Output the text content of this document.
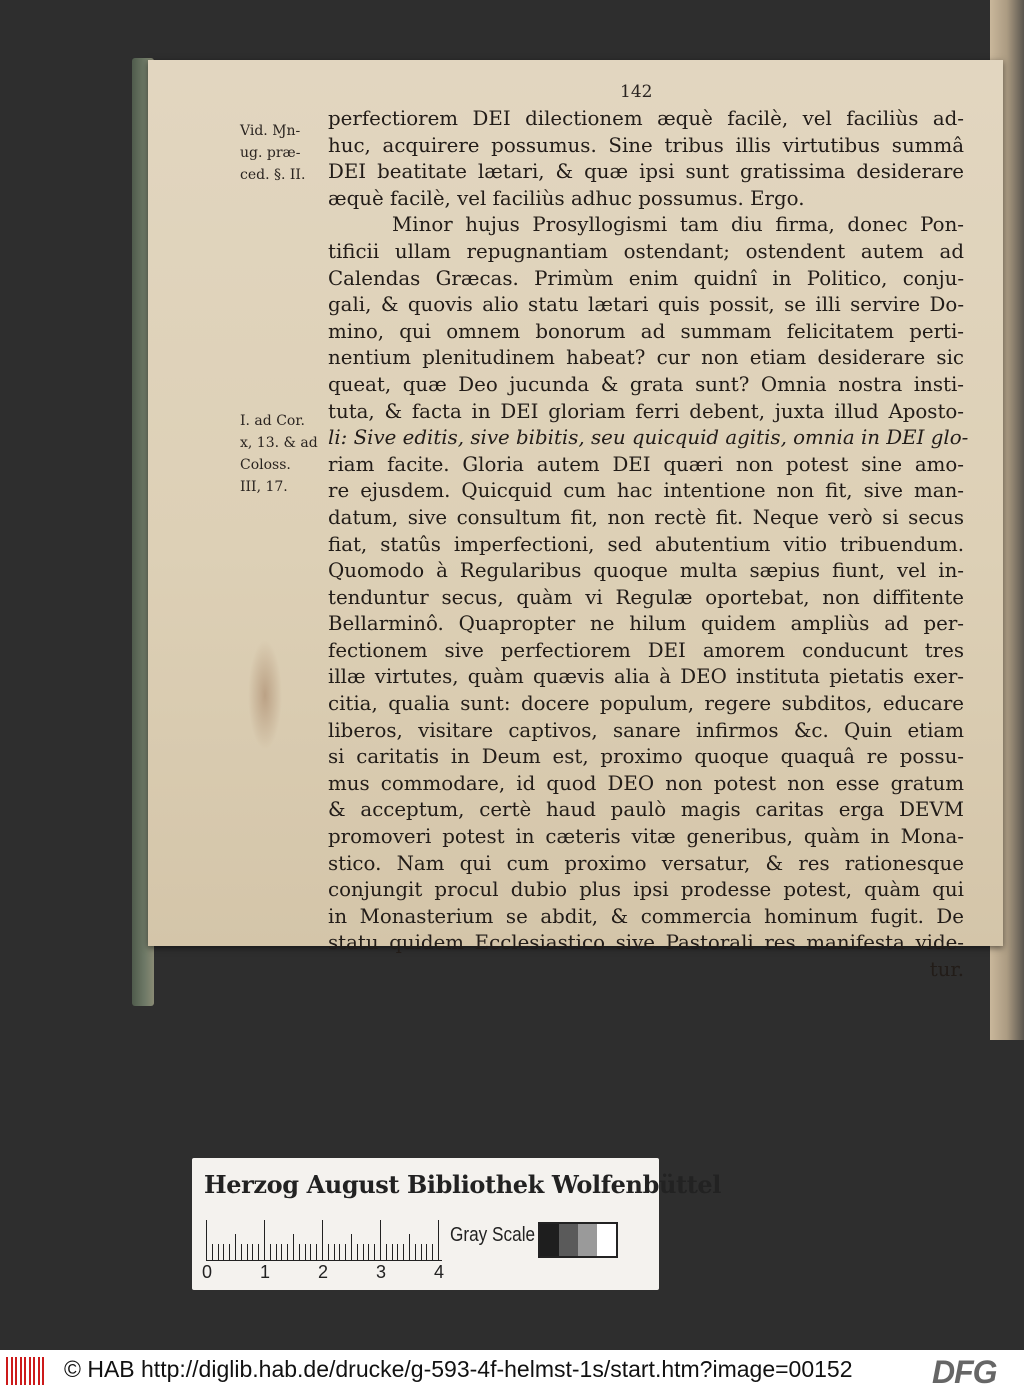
142
Vid. Ɱn-
ug. præ-
ced. §. II.
I. ad Cor.
x, 13. & ad
Coloss.
III, 17.
perfectiorem DEI dilectionem æquè facilè, vel faciliùs ad-
huc, acquirere possumus. Sine tribus illis virtutibus summâ
DEI beatitate lætari, & quæ ipsi sunt gratissima desiderare
æquè facilè, vel faciliùs adhuc possumus. Ergo.
Minor hujus Prosyllogismi tam diu firma, donec Pon-
tificii ullam repugnantiam ostendant; ostendent autem ad
Calendas Græcas. Primùm enim quidnî in Politico, conju-
gali, & quovis alio statu lætari quis possit, se illi servire Do-
mino, qui omnem bonorum ad summam felicitatem perti-
nentium plenitudinem habeat? cur non etiam desiderare sic
queat, quæ Deo jucunda & grata sunt? Omnia nostra insti-
tuta, & facta in DEI gloriam ferri debent, juxta illud Aposto-
li: Sive editis, sive bibitis, seu quicquid agitis, omnia in DEI glo-
riam facite. Gloria autem DEI quæri non potest sine amo-
re ejusdem. Quicquid cum hac intentione non fit, sive man-
datum, sive consultum fit, non rectè fit. Neque verò si secus
fiat, statûs imperfectioni, sed abutentium vitio tribuendum.
Quomodo à Regularibus quoque multa sæpius fiunt, vel in-
tenduntur secus, quàm vi Regulæ oportebat, non diffitente
Bellarminô. Quapropter ne hilum quidem ampliùs ad per-
fectionem sive perfectiorem DEI amorem conducunt tres
illæ virtutes, quàm quævis alia à DEO instituta pietatis exer-
citia, qualia sunt: docere populum, regere subditos, educare
liberos, visitare captivos, sanare infirmos &c. Quin etiam
si caritatis in Deum est, proximo quoque quaquâ re possu-
mus commodare, id quod DEO non potest non esse gratum
& acceptum, certè haud paulò magis caritas erga DEVM
promoveri potest in cæteris vitæ generibus, quàm in Mona-
stico. Nam qui cum proximo versatur, & res rationesque
conjungit procul dubio plus ipsi prodesse potest, quàm qui
in Monasterium se abdit, & commercia hominum fugit. De
statu quidem Ecclesiastico sive Pastorali res manifesta vide-
tur.
Herzog August Bibliothek Wolfenbüttel
0	1	2	3	4
Gray Scale
© HAB http://diglib.hab.de/drucke/g-593-4f-helmst-1s/start.htm?image=00152 DFG
